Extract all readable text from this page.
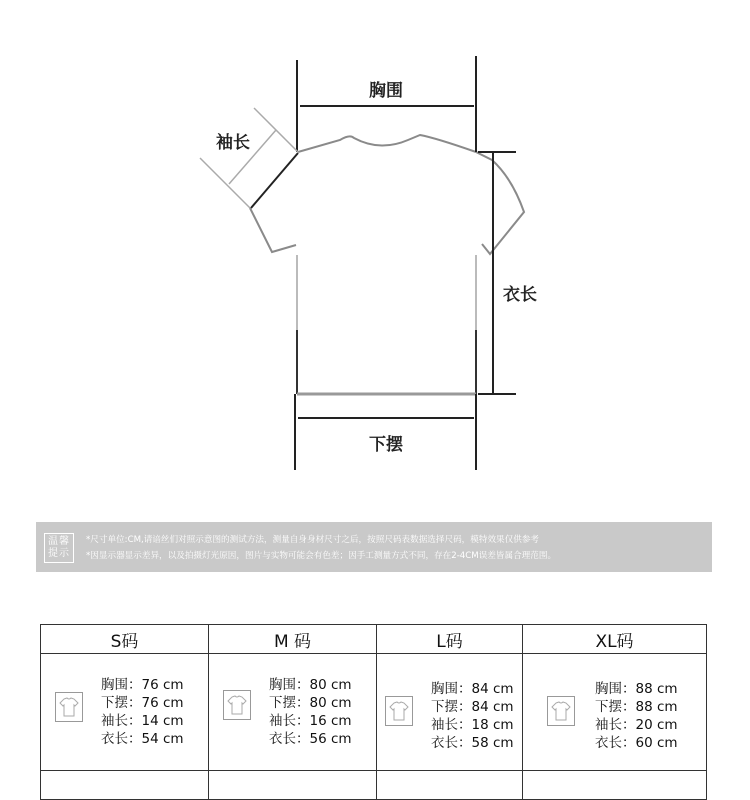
胸围
袖长
衣长
下摆
温馨
提示
*尺寸单位:CM,请谙丝们对照示意图的测试方法，测量自身身材尺寸之后，按照尺码表数据选择尺码，模特效果仅供参考
*因显示器显示差异，以及拍摄灯光原因，图片与实物可能会有色差；因手工测量方式不同，存在2-4CM误差皆属合理范围。
S码	M 码	L码	XL码

胸围：76 cm
下摆：76 cm
袖长：14 cm
衣长：54 cm	胸围：80 cm
下摆：80 cm
袖长：16 cm
衣长：56 cm	胸围：84 cm
下摆：84 cm
袖长：18 cm
衣长：58 cm	胸围：88 cm
下摆：88 cm
袖长：20 cm
衣长：60 cm
